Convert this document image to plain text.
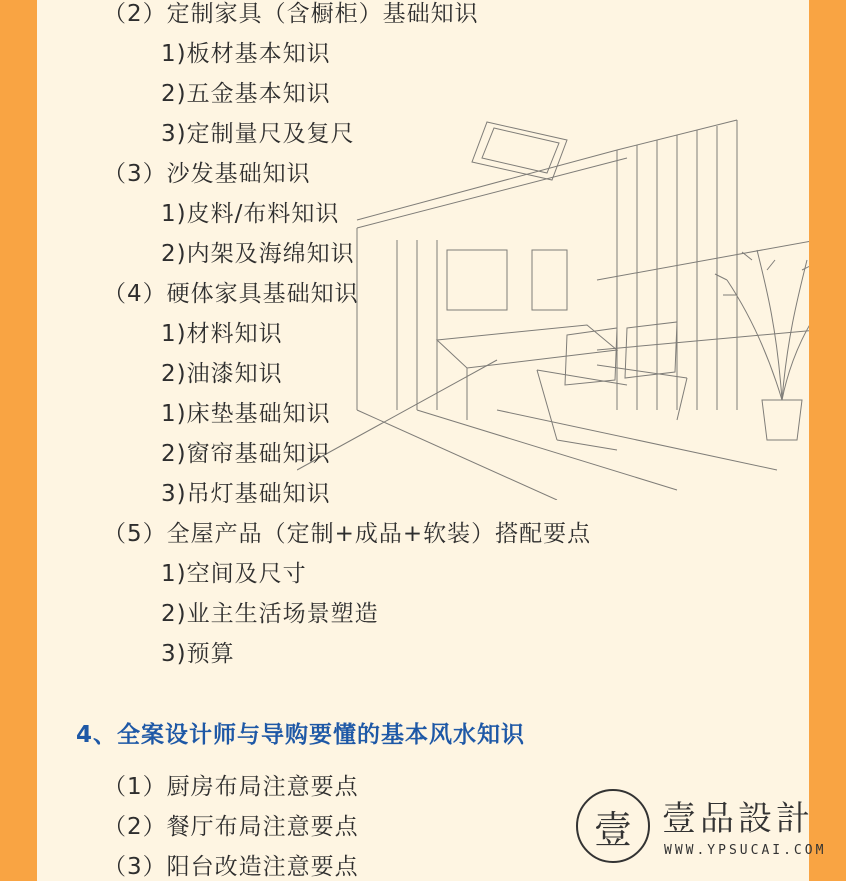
（2）定制家具（含橱柜）基础知识
1)板材基本知识
2)五金基本知识
3)定制量尺及复尺
（3）沙发基础知识
1)皮料/布料知识
2)内架及海绵知识
（4）硬体家具基础知识
1)材料知识
2)油漆知识
1)床垫基础知识
2)窗帘基础知识
3)吊灯基础知识
（5）全屋产品（定制+成品+软装）搭配要点
1)空间及尺寸
2)业主生活场景塑造
3)预算
4、全案设计师与导购要懂的基本风水知识
（1）厨房布局注意要点
（2）餐厅布局注意要点
（3）阳台改造注意要点
壹 壹品設計
WWW.YPSUCAI.COM
